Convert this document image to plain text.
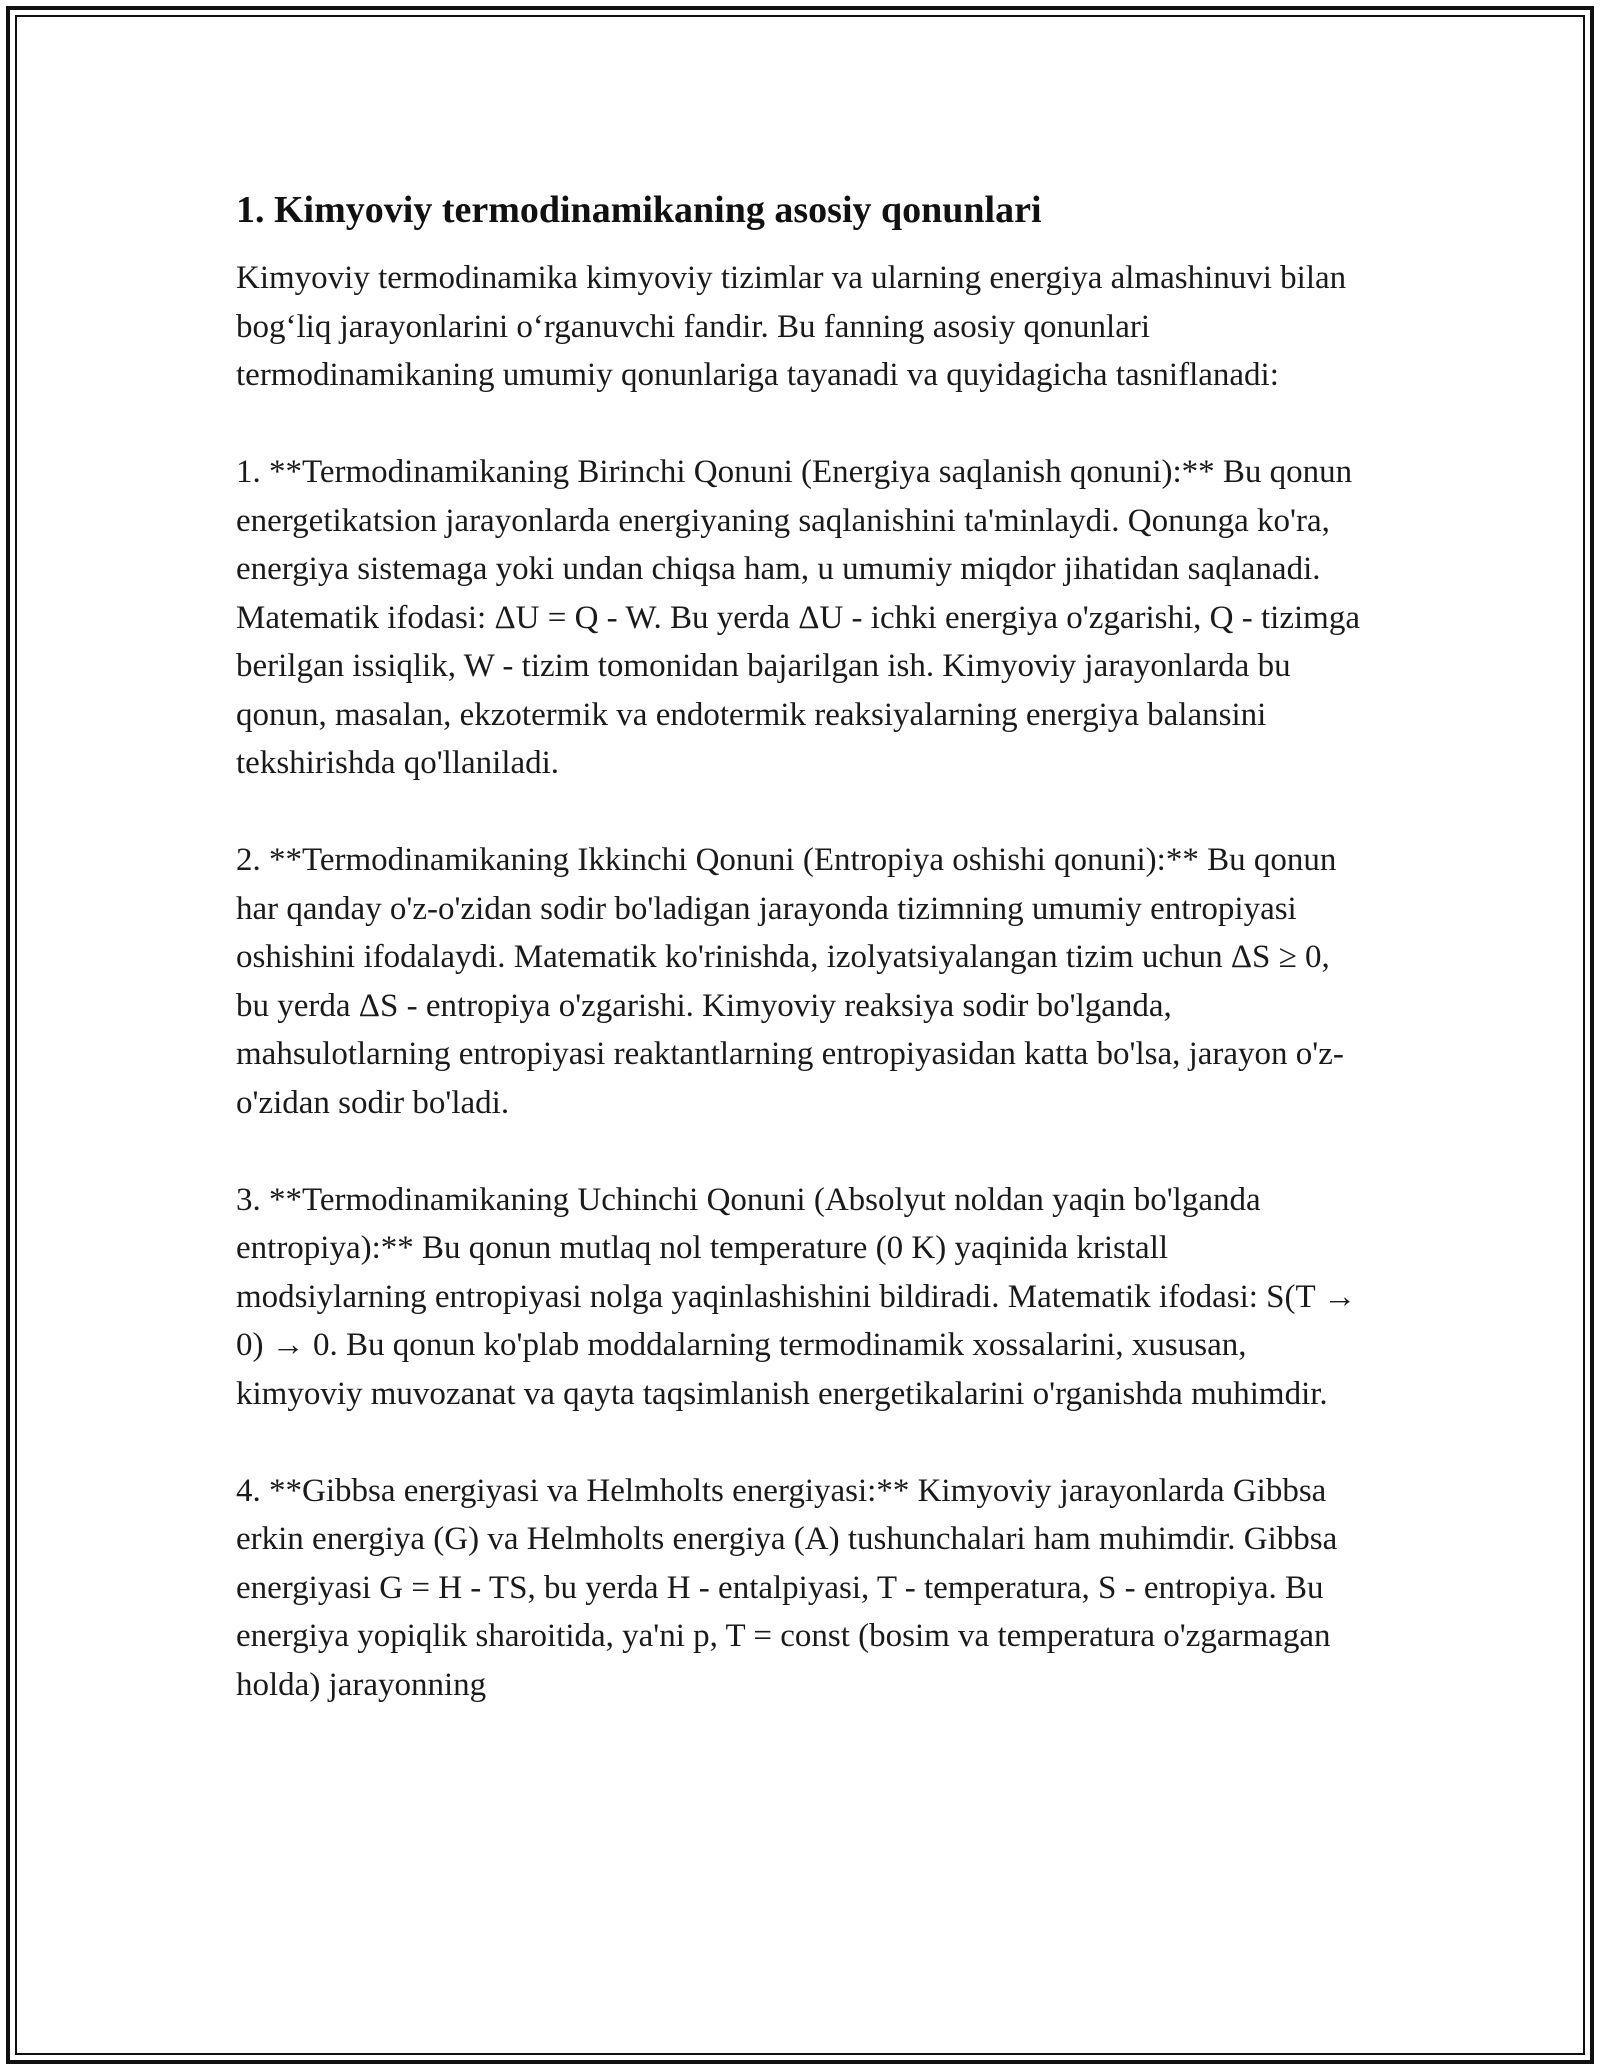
1. Kimyoviy termodinamikaning asosiy qonunlari

Kimyoviy termodinamika kimyoviy tizimlar va ularning energiya almashinuvi bilan bog‘liq jarayonlarini o‘rganuvchi fandir. Bu fanning asosiy qonunlari termodinamikaning umumiy qonunlariga tayanadi va quyidagicha tasniflanadi:

1. **Termodinamikaning Birinchi Qonuni (Energiya saqlanish qonuni):** Bu qonun energetikatsion jarayonlarda energiyaning saqlanishini ta'minlaydi. Qonunga ko'ra, energiya sistemaga yoki undan chiqsa ham, u umumiy miqdor jihatidan saqlanadi. Matematik ifodasi: ΔU = Q - W. Bu yerda ΔU - ichki energiya o'zgarishi, Q - tizimga berilgan issiqlik, W - tizim tomonidan bajarilgan ish. Kimyoviy jarayonlarda bu qonun, masalan, ekzotermik va endotermik reaksiyalarning energiya balansini tekshirishda qo'llaniladi.

2. **Termodinamikaning Ikkinchi Qonuni (Entropiya oshishi qonuni):** Bu qonun har qanday o'z-o'zidan sodir bo'ladigan jarayonda tizimning umumiy entropiyasi oshishini ifodalaydi. Matematik ko'rinishda, izolyatsiyalangan tizim uchun ΔS ≥ 0, bu yerda ΔS - entropiya o'zgarishi. Kimyoviy reaksiya sodir bo'lganda, mahsulotlarning entropiyasi reaktantlarning entropiyasidan katta bo'lsa, jarayon o'z-o'zidan sodir bo'ladi.

3. **Termodinamikaning Uchinchi Qonuni (Absolyut noldan yaqin bo'lganda entropiya):** Bu qonun mutlaq nol temperature (0 K) yaqinida kristall modsiylarning entropiyasi nolga yaqinlashishini bildiradi. Matematik ifodasi: S(T → 0) → 0. Bu qonun ko'plab moddalarning termodinamik xossalarini, xususan, kimyoviy muvozanat va qayta taqsimlanish energetikalarini o'rganishda muhimdir.

4. **Gibbsa energiyasi va Helmholts energiyasi:** Kimyoviy jarayonlarda Gibbsa erkin energiya (G) va Helmholts energiya (A) tushunchalari ham muhimdir. Gibbsa energiyasi G = H - TS, bu yerda H - entalpiyasi, T - temperatura, S - entropiya. Bu energiya yopiqlik sharoitida, ya'ni p, T = const (bosim va temperatura o'zgarmagan holda) jarayonning
